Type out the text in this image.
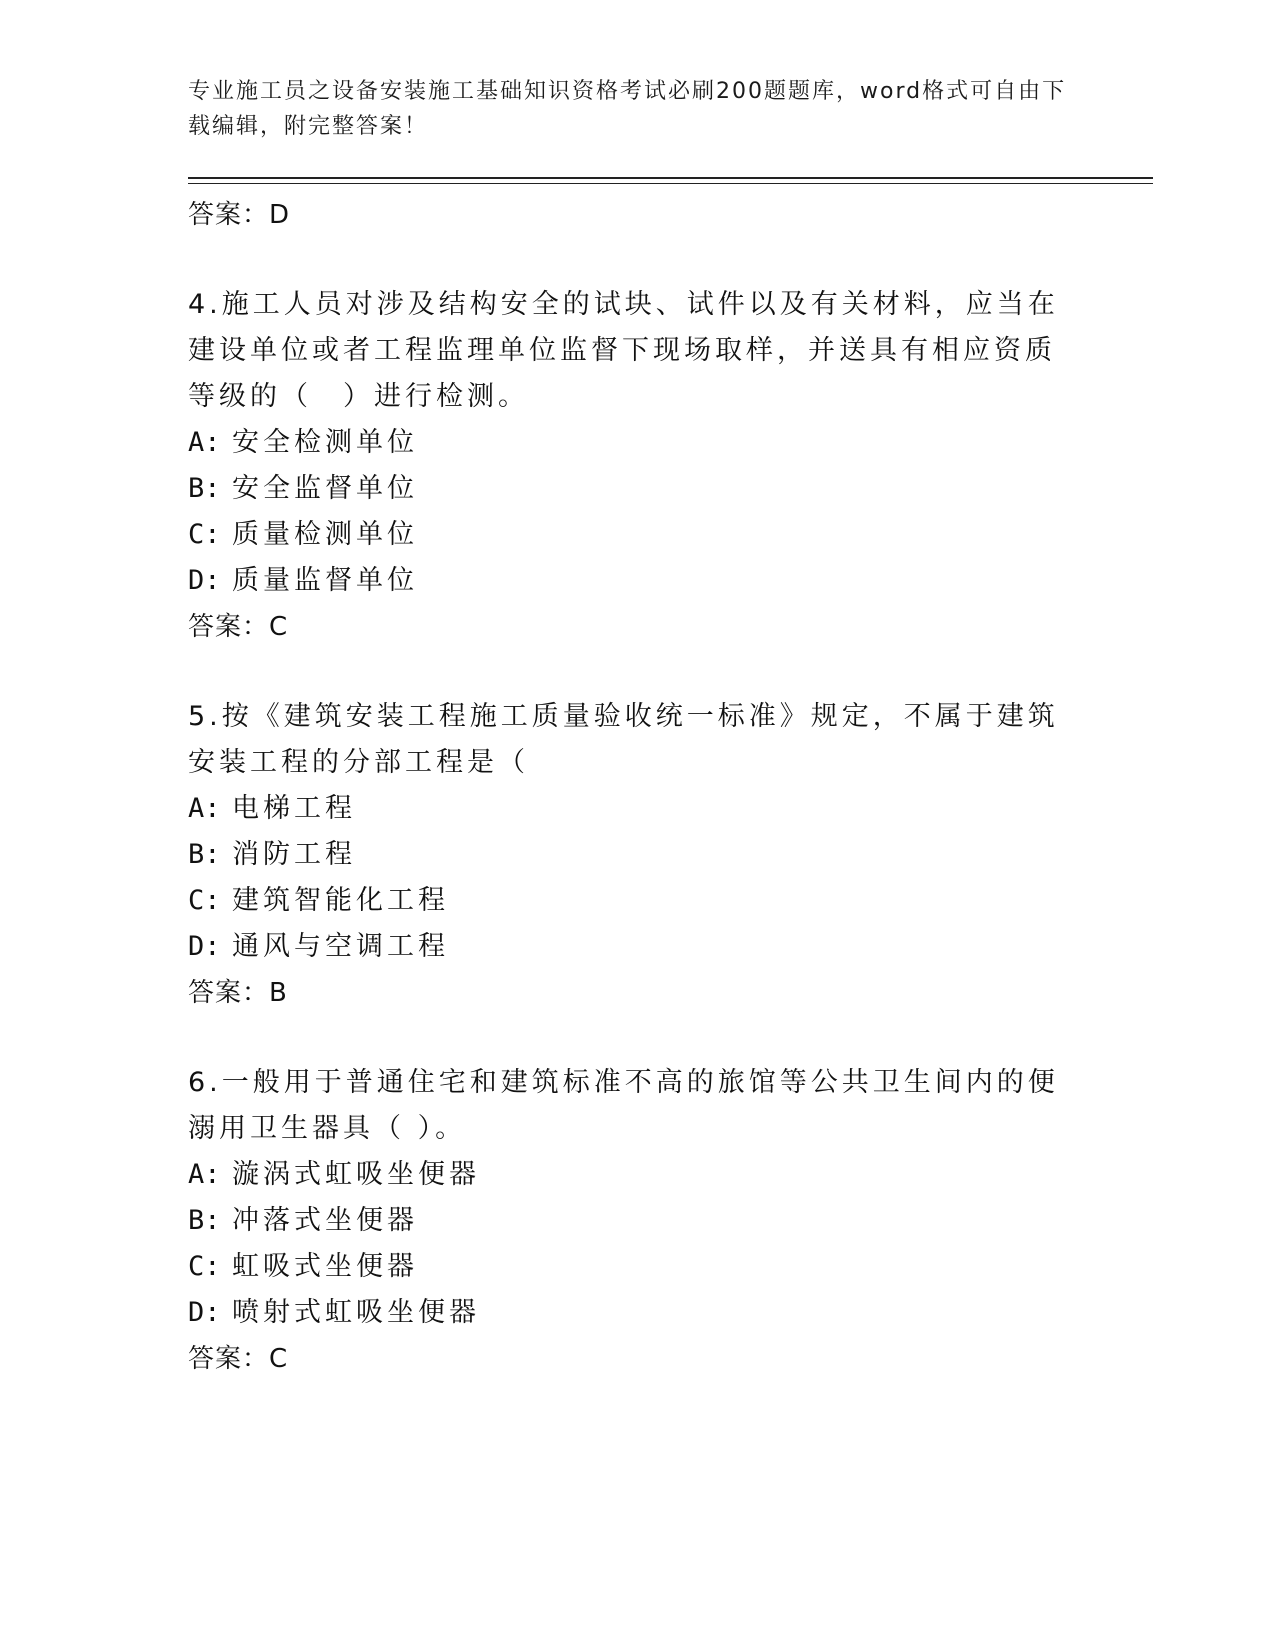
专业施工员之设备安装施工基础知识资格考试必刷200题题库，word格式可自由下载编辑，附完整答案！

答案：D

4.施工人员对涉及结构安全的试块、试件以及有关材料，应当在建设单位或者工程监理单位监督下现场取样，并送具有相应资质等级的（　）进行检测。

A: 安全检测单位
B: 安全监督单位
C: 质量检测单位
D: 质量监督单位

答案：C

5.按《建筑安装工程施工质量验收统一标准》规定，不属于建筑安装工程的分部工程是（

A: 电梯工程
B: 消防工程
C: 建筑智能化工程
D: 通风与空调工程

答案：B

6.一般用于普通住宅和建筑标准不高的旅馆等公共卫生间内的便溺用卫生器具（ ）。

A: 漩涡式虹吸坐便器
B: 冲落式坐便器
C: 虹吸式坐便器
D: 喷射式虹吸坐便器

答案：C
